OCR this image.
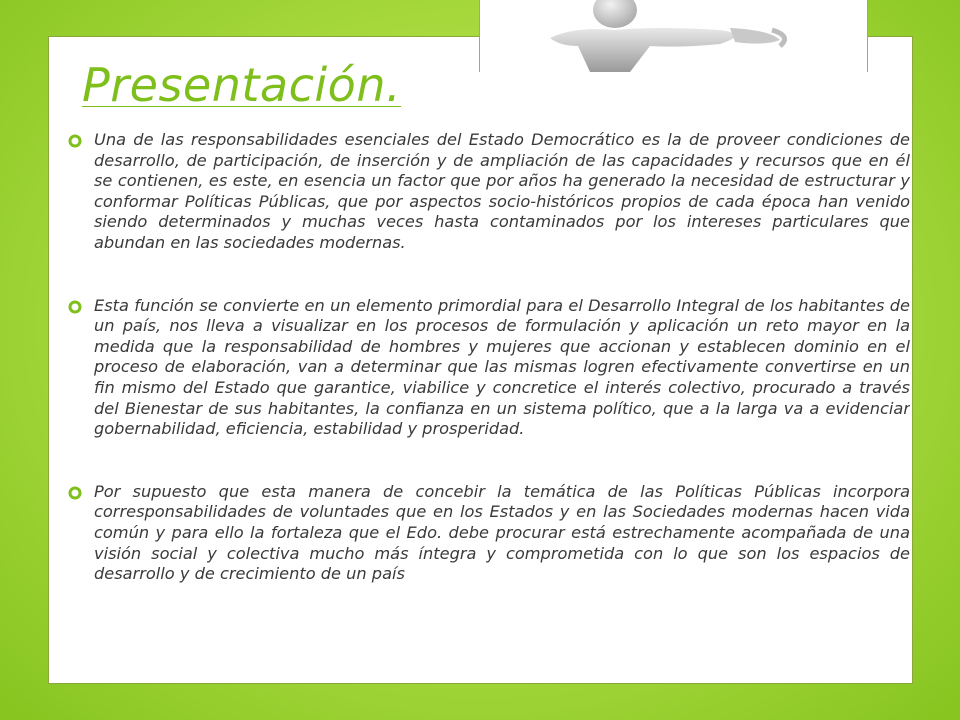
Presentación.

Una de las responsabilidades esenciales del Estado Democrático es la de proveer condiciones de desarrollo, de participación, de inserción y de ampliación de las capacidades y recursos que en él se contienen, es este, en esencia un factor que por años ha generado la necesidad de estructurar y conformar Políticas Públicas, que por aspectos socio-históricos propios de cada época han venido siendo determinados y muchas veces hasta contaminados por los intereses particulares que abundan en las sociedades modernas.

Esta función se convierte en un elemento primordial para el Desarrollo Integral de los habitantes de un país, nos lleva a visualizar en los procesos de formulación y aplicación un reto mayor en la medida que la responsabilidad de hombres y mujeres que accionan y establecen dominio en el proceso de elaboración, van a determinar que las mismas logren efectivamente convertirse en un fin mismo del Estado que garantice, viabilice y concretice el interés colectivo, procurado a través del Bienestar de sus habitantes, la confianza en un sistema político, que a la larga va a evidenciar gobernabilidad, eficiencia, estabilidad y prosperidad.

Por supuesto que esta manera de concebir la temática de las Políticas Públicas incorpora corresponsabilidades de voluntades que en los Estados y en las Sociedades modernas hacen vida común y para ello la fortaleza que el Edo. debe procurar está estrechamente acompañada de una visión social y colectiva mucho más íntegra y comprometida con lo que son los espacios de desarrollo y de crecimiento de un país
